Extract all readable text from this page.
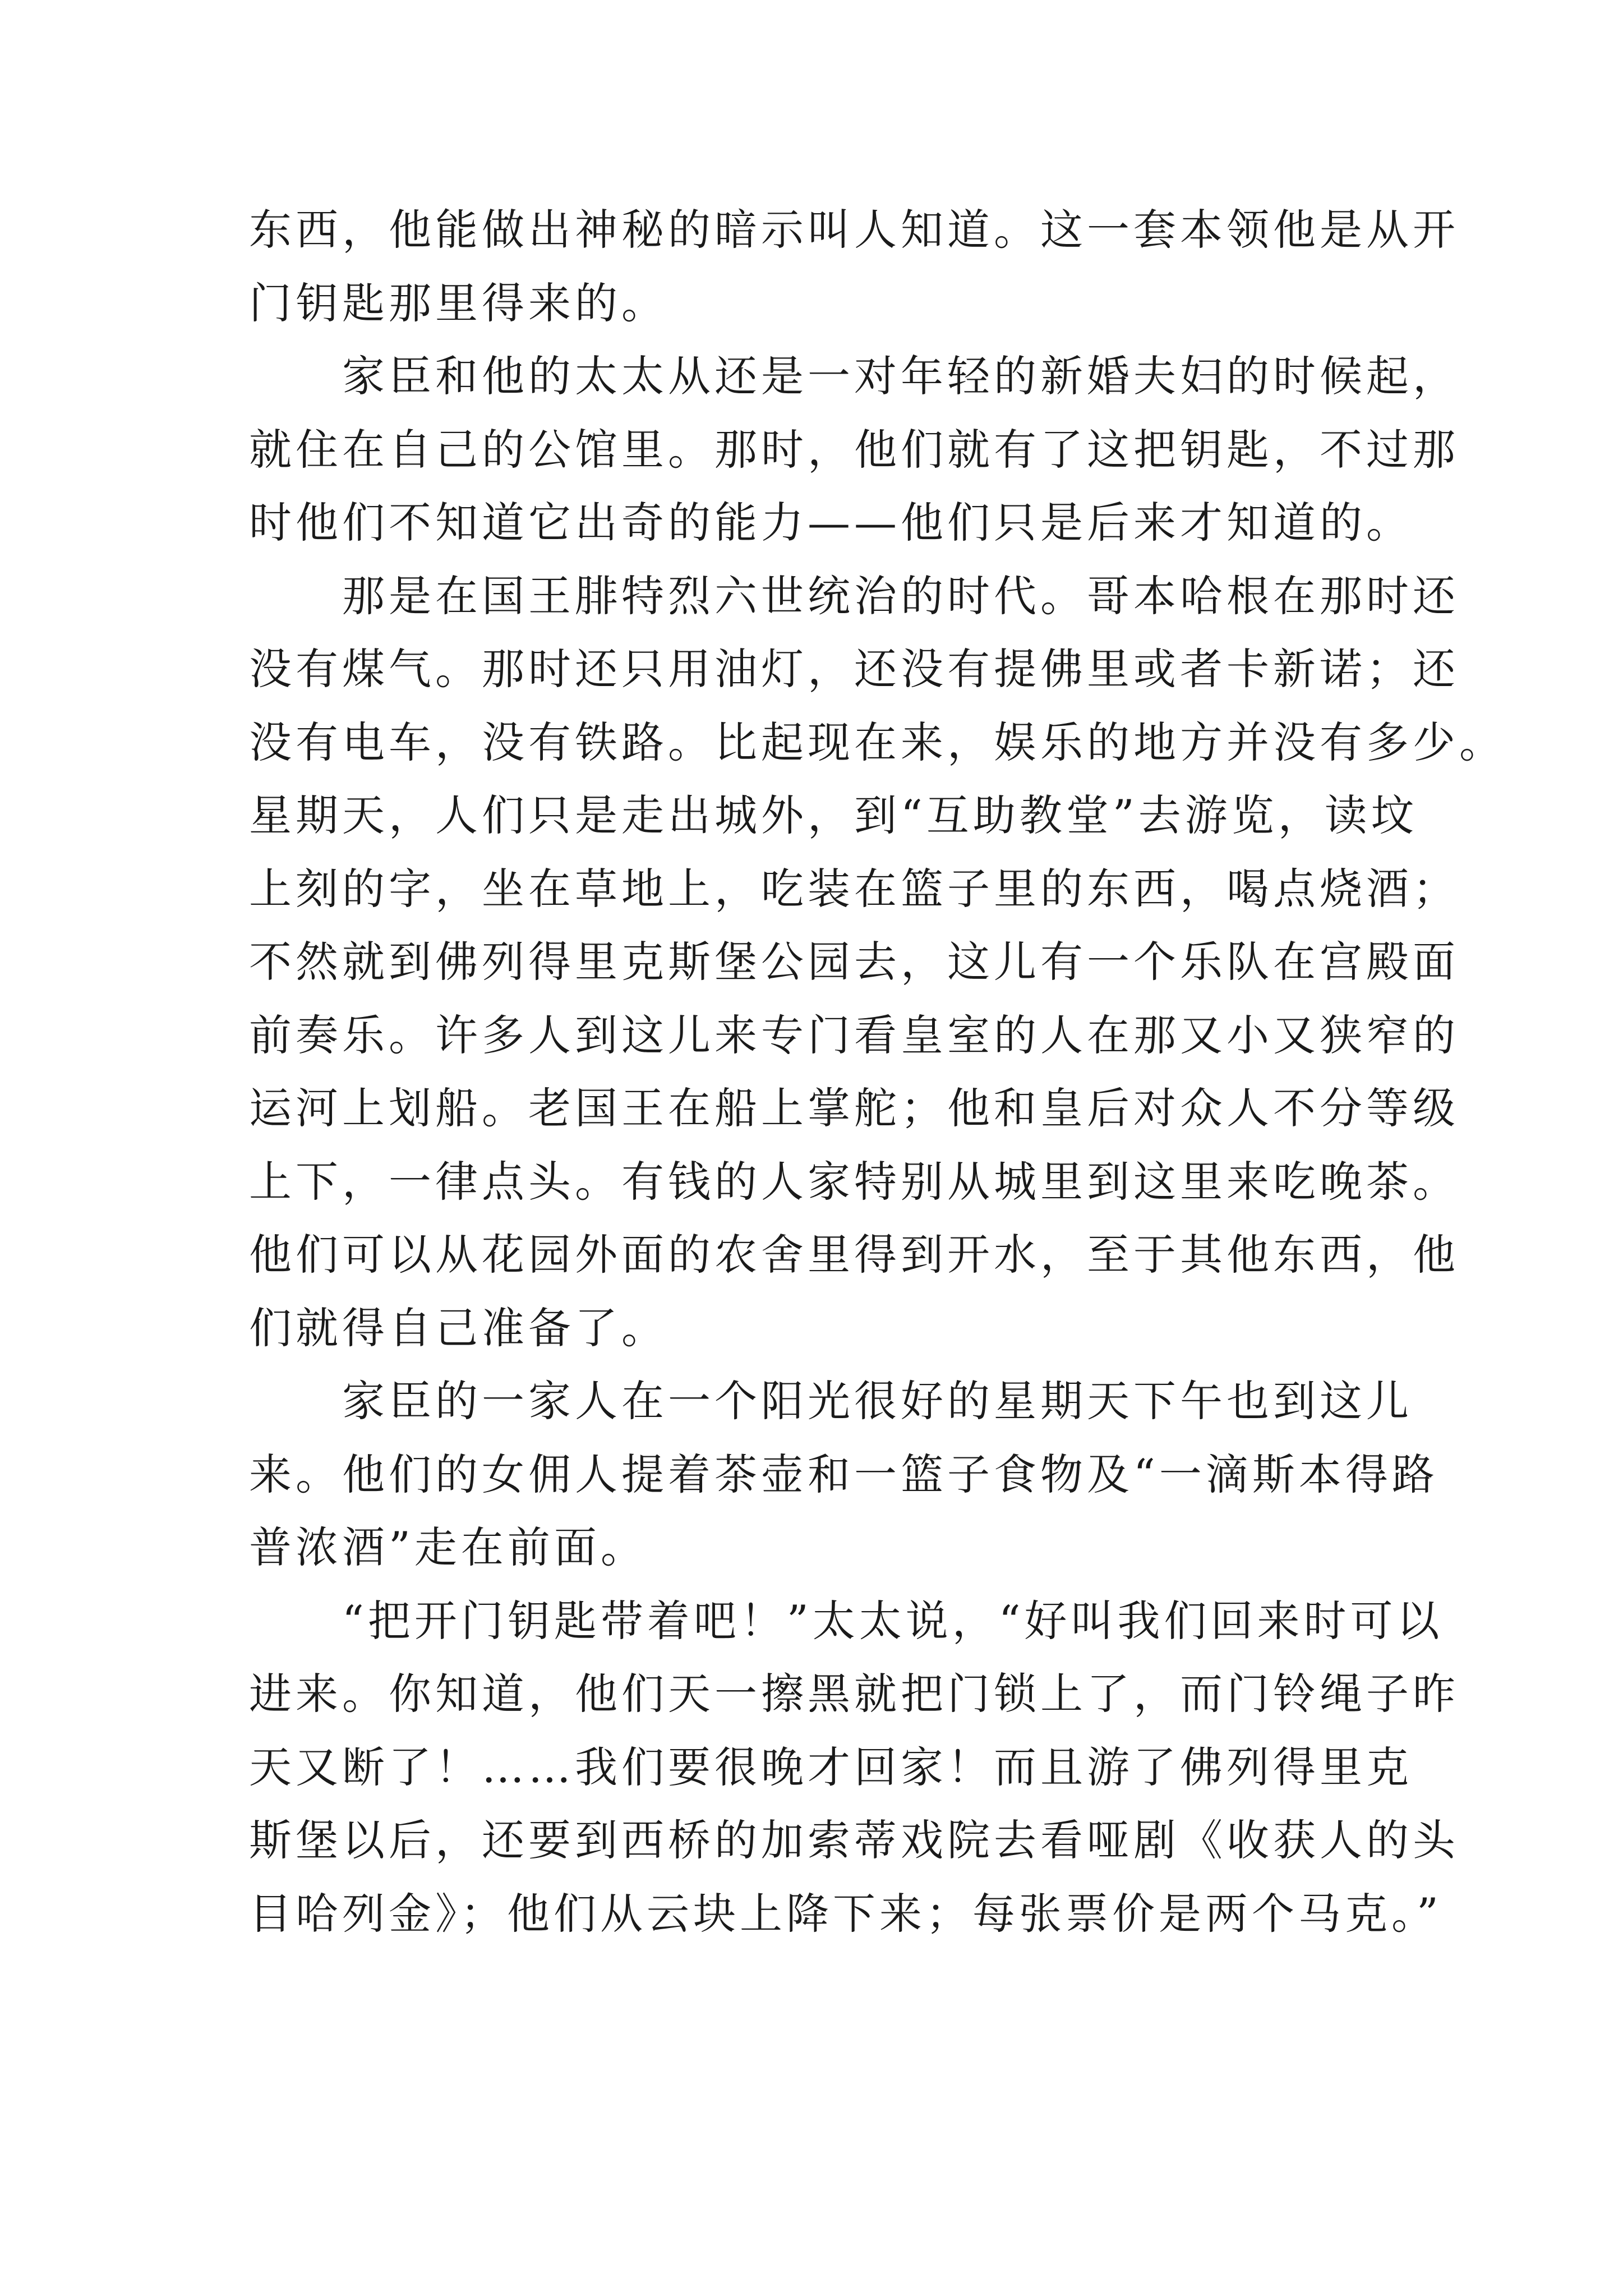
东西，他能做出神秘的暗示叫人知道。这一套本领他是从开
门钥匙那里得来的。
家臣和他的太太从还是一对年轻的新婚夫妇的时候起，
就住在自己的公馆里。那时，他们就有了这把钥匙，不过那
时他们不知道它出奇的能力——他们只是后来才知道的。
那是在国王腓特烈六世统治的时代。哥本哈根在那时还
没有煤气。那时还只用油灯，还没有提佛里或者卡新诺；还
没有电车，没有铁路。比起现在来，娱乐的地方并没有多少。
星期天，人们只是走出城外，到“互助教堂”去游览，读坟
上刻的字，坐在草地上，吃装在篮子里的东西，喝点烧酒；
不然就到佛列得里克斯堡公园去，这儿有一个乐队在宫殿面
前奏乐。许多人到这儿来专门看皇室的人在那又小又狭窄的
运河上划船。老国王在船上掌舵；他和皇后对众人不分等级
上下，一律点头。有钱的人家特别从城里到这里来吃晚茶。
他们可以从花园外面的农舍里得到开水，至于其他东西，他
们就得自己准备了。
家臣的一家人在一个阳光很好的星期天下午也到这儿
来。他们的女佣人提着茶壶和一篮子食物及“一滴斯本得路
普浓酒”走在前面。
“把开门钥匙带着吧！”太太说，“好叫我们回来时可以
进来。你知道，他们天一擦黑就把门锁上了，而门铃绳子昨
天又断了！……我们要很晚才回家！而且游了佛列得里克
斯堡以后，还要到西桥的加索蒂戏院去看哑剧《收获人的头
目哈列金》；他们从云块上降下来；每张票价是两个马克。”
